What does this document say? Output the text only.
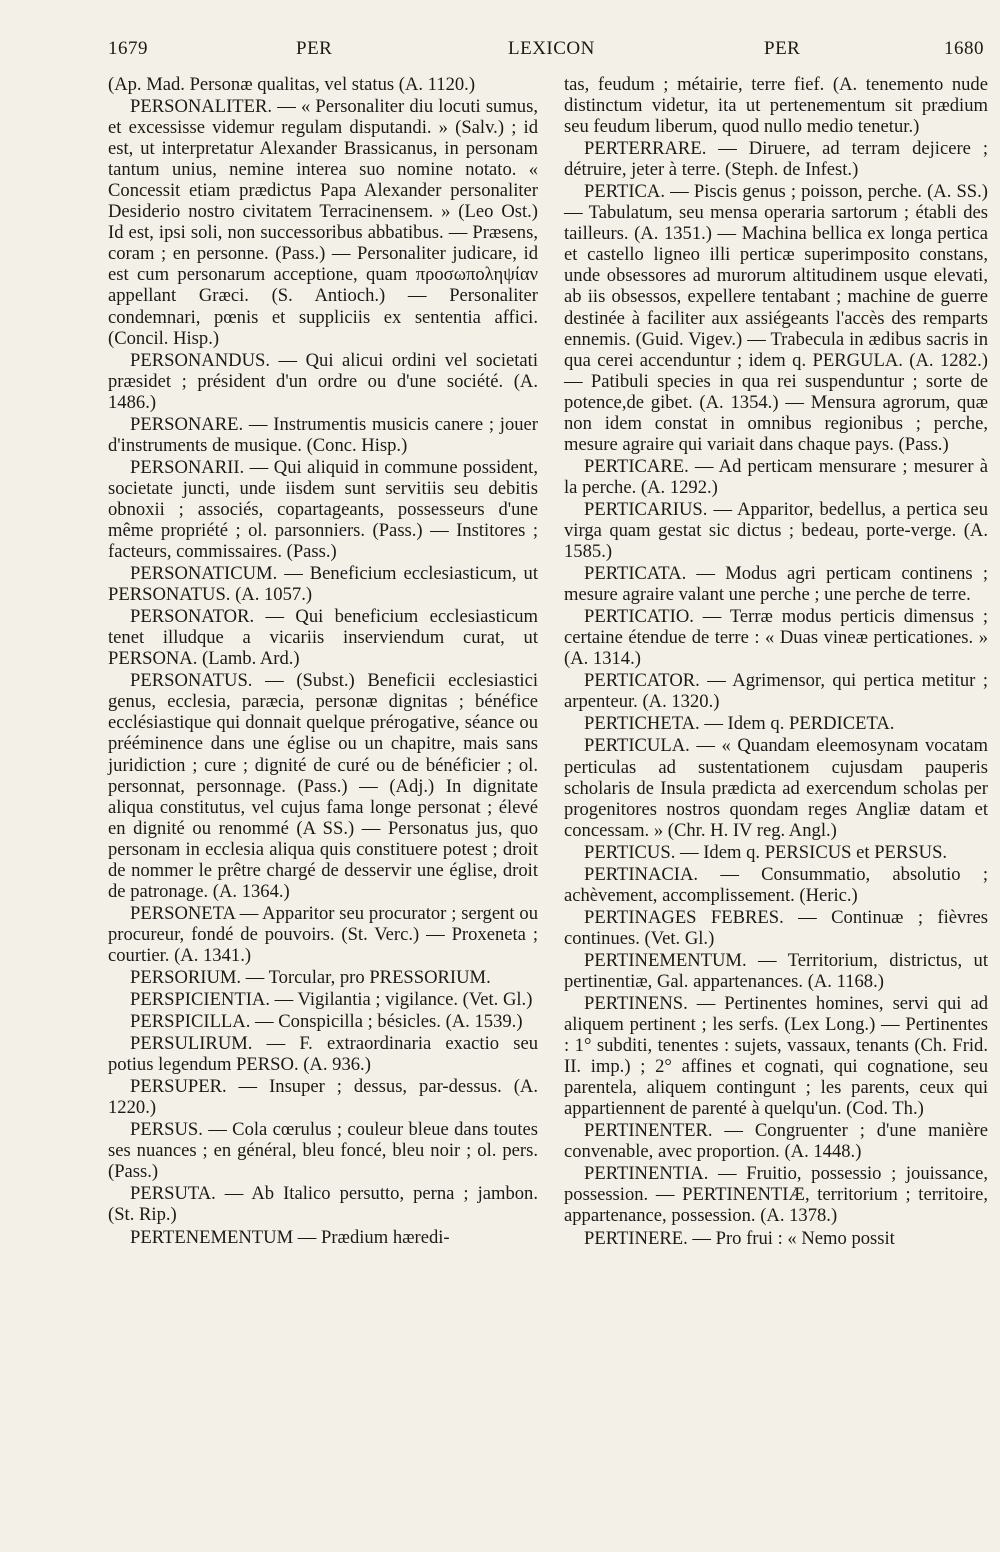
1679	PER	LEXICON	PER	1680

(Ap. Mad. Personæ qualitas, vel status (A. 1120.)

PERSONALITER. — « Personaliter diu locuti sumus, et excessisse videmur regulam disputandi. » (Salv.) ; id est, ut interpretatur Alexander Brassicanus, in personam tantum unius, nemine interea suo nomine notato. « Concessit etiam prædictus Papa Alexander personaliter Desiderio nostro civitatem Terracinensem. » (Leo Ost.) Id est, ipsi soli, non successoribus abbatibus. — Præsens, coram ; en personne. (Pass.) — Personaliter judicare, id est cum personarum acceptione, quam προσωποληψίαν appellant Græci. (S. Antioch.) — Personaliter condemnari, pœnis et suppliciis ex sententia affici. (Concil. Hisp.)

PERSONANDUS. — Qui alicui ordini vel societati præsidet ; président d'un ordre ou d'une société. (A. 1486.)

PERSONARE. — Instrumentis musicis canere ; jouer d'instruments de musique. (Conc. Hisp.)

PERSONARII. — Qui aliquid in commune possident, societate juncti, unde iisdem sunt servitiis seu debitis obnoxii ; associés, copartageants, possesseurs d'une même propriété ; ol. parsonniers. (Pass.) — Institores ; facteurs, commissaires. (Pass.)

PERSONATICUM. — Beneficium ecclesiasticum, ut PERSONATUS. (A. 1057.)

PERSONATOR. — Qui beneficium ecclesiasticum tenet illudque a vicariis inserviendum curat, ut PERSONA. (Lamb. Ard.)

PERSONATUS. — (Subst.) Beneficii ecclesiastici genus, ecclesia, paræcia, personæ dignitas ; bénéfice ecclésiastique qui donnait quelque prérogative, séance ou prééminence dans une église ou un chapitre, mais sans juridiction ; cure ; dignité de curé ou de bénéficier ; ol. personnat, personnage. (Pass.) — (Adj.) In dignitate aliqua constitutus, vel cujus fama longe personat ; élevé en dignité ou renommé (A SS.) — Personatus jus, quo personam in ecclesia aliqua quis constituere potest ; droit de nommer le prêtre chargé de desservir une église, droit de patronage. (A. 1364.)

PERSONETA — Apparitor seu procurator ; sergent ou procureur, fondé de pouvoirs. (St. Verc.) — Proxeneta ; courtier. (A. 1341.)

PERSORIUM. — Torcular, pro PRESSORIUM.

PERSPICIENTIA. — Vigilantia ; vigilance. (Vet. Gl.)

PERSPICILLA. — Conspicilla ; bésicles. (A. 1539.)

PERSULIRUM. — F. extraordinaria exactio seu potius legendum PERSO. (A. 936.)

PERSUPER. — Insuper ; dessus, par-dessus. (A. 1220.)

PERSUS. — Cola cœrulus ; couleur bleue dans toutes ses nuances ; en général, bleu foncé, bleu noir ; ol. pers. (Pass.)

PERSUTA. — Ab Italico persutto, perna ; jambon. (St. Rip.)

PERTENEMENTUM — Prædium hæredi-

tas, feudum ; métairie, terre fief. (A. tenemento nude distinctum videtur, ita ut pertenementum sit prædium seu feudum liberum, quod nullo medio tenetur.)

PERTERRARE. — Diruere, ad terram dejicere ; détruire, jeter à terre. (Steph. de Infest.)

PERTICA. — Piscis genus ; poisson, perche. (A. SS.) — Tabulatum, seu mensa operaria sartorum ; établi des tailleurs. (A. 1351.) — Machina bellica ex longa pertica et castello ligneo illi perticæ superimposito constans, unde obsessores ad murorum altitudinem usque elevati, ab iis obsessos, expellere tentabant ; machine de guerre destinée à faciliter aux assiégeants l'accès des remparts ennemis. (Guid. Vigev.) — Trabecula in ædibus sacris in qua cerei accenduntur ; idem q. PERGULA. (A. 1282.) — Patibuli species in qua rei suspenduntur ; sorte de potence,de gibet. (A. 1354.) — Mensura agrorum, quæ non idem constat in omnibus regionibus ; perche, mesure agraire qui variait dans chaque pays. (Pass.)

PERTICARE. — Ad perticam mensurare ; mesurer à la perche. (A. 1292.)

PERTICARIUS. — Apparitor, bedellus, a pertica seu virga quam gestat sic dictus ; bedeau, porte-verge. (A. 1585.)

PERTICATA. — Modus agri perticam continens ; mesure agraire valant une perche ; une perche de terre.

PERTICATIO. — Terræ modus perticis dimensus ; certaine étendue de terre : « Duas vineæ perticationes. » (A. 1314.)

PERTICATOR. — Agrimensor, qui pertica metitur ; arpenteur. (A. 1320.)

PERTICHETA. — Idem q. PERDICETA.

PERTICULA. — « Quandam eleemosynam vocatam perticulas ad sustentationem cujusdam pauperis scholaris de Insula prædicta ad exercendum scholas per progenitores nostros quondam reges Angliæ datam et concessam. » (Chr. H. IV reg. Angl.)

PERTICUS. — Idem q. PERSICUS et PERSUS.

PERTINACIA. — Consummatio, absolutio ; achèvement, accomplissement. (Heric.)

PERTINAGES FEBRES. — Continuæ ; fièvres continues. (Vet. Gl.)

PERTINEMENTUM. — Territorium, districtus, ut pertinentiæ, Gal. appartenances. (A. 1168.)

PERTINENS. — Pertinentes homines, servi qui ad aliquem pertinent ; les serfs. (Lex Long.) — Pertinentes : 1° subditi, tenentes : sujets, vassaux, tenants (Ch. Frid. II. imp.) ; 2° affines et cognati, qui cognatione, seu parentela, aliquem contingunt ; les parents, ceux qui appartiennent de parenté à quelqu'un. (Cod. Th.)

PERTINENTER. — Congruenter ; d'une manière convenable, avec proportion. (A. 1448.)

PERTINENTIA. — Fruitio, possessio ; jouissance, possession. — PERTINENTIÆ, territorium ; territoire, appartenance, possession. (A. 1378.)

PERTINERE. — Pro frui : « Nemo possit
